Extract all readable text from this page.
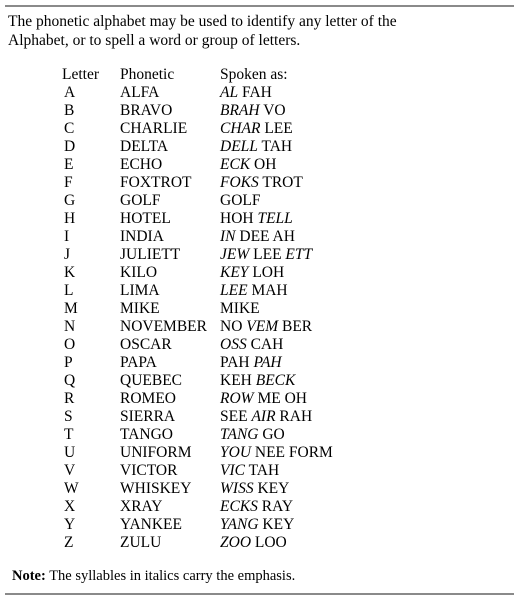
The phonetic alphabet may be used to identify any letter of the
Alphabet, or to spell a word or group of letters.
Letter	Phonetic	Spoken as:
A	ALFA	AL FAH
B	BRAVO	BRAH VO
C	CHARLIE	CHAR LEE
D	DELTA	DELL TAH
E	ECHO	ECK OH
F	FOXTROT	FOKS TROT
G	GOLF	GOLF
H	HOTEL	HOH TELL
I	INDIA	IN DEE AH
J	JULIETT	JEW LEE ETT
K	KILO	KEY LOH
L	LIMA	LEE MAH
M	MIKE	MIKE
N	NOVEMBER	NO VEM BER
O	OSCAR	OSS CAH
P	PAPA	PAH PAH
Q	QUEBEC	KEH BECK
R	ROMEO	ROW ME OH
S	SIERRA	SEE AIR RAH
T	TANGO	TANG GO
U	UNIFORM	YOU NEE FORM
V	VICTOR	VIC TAH
W	WHISKEY	WISS KEY
X	XRAY	ECKS RAY
Y	YANKEE	YANG KEY
Z	ZULU	ZOO LOO
Note: The syllables in italics carry the emphasis.
